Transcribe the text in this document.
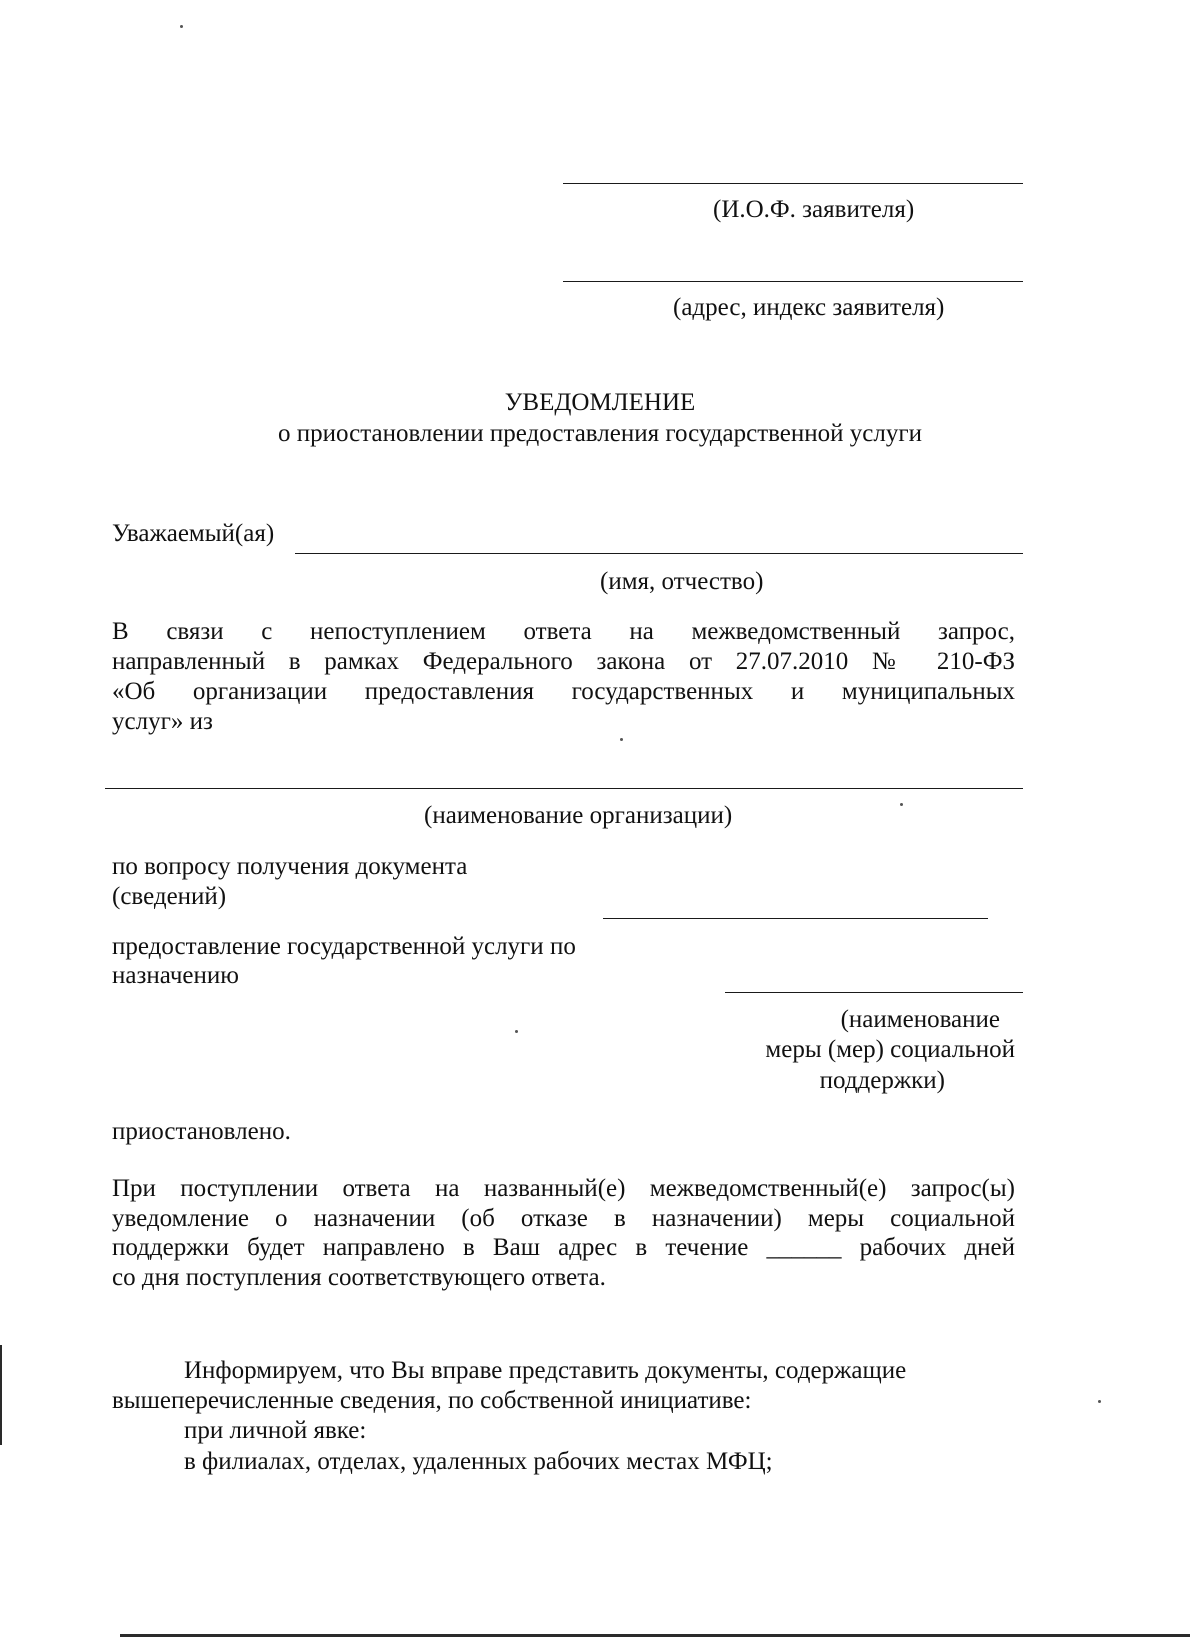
(И.О.Ф. заявителя)

(адрес, индекс заявителя)

УВЕДОМЛЕНИЕ

о приостановлении предоставления государственной услуги

Уважаемый(ая)

(имя, отчество)

В связи с непоступлением ответа на межведомственный запрос,

направленный в рамках Федерального закона от 27.07.2010 № 210-ФЗ

«Об организации предоставления государственных и муниципальных

услуг» из

(наименование организации)

по вопросу получения документа

(сведений)

предоставление государственной услуги по

назначению

(наименование

меры (мер) социальной

поддержки)

приостановлено.

При поступлении ответа на названный(е) межведомственный(е) запрос(ы)

уведомление о назначении (об отказе в назначении) меры социальной

поддержки будет направлено в Ваш адрес в течение ______ рабочих дней

со дня поступления соответствующего ответа.

Информируем, что Вы вправе представить документы, содержащие

вышеперечисленные сведения, по собственной инициативе:

при личной явке:

в филиалах, отделах, удаленных рабочих местах МФЦ;
